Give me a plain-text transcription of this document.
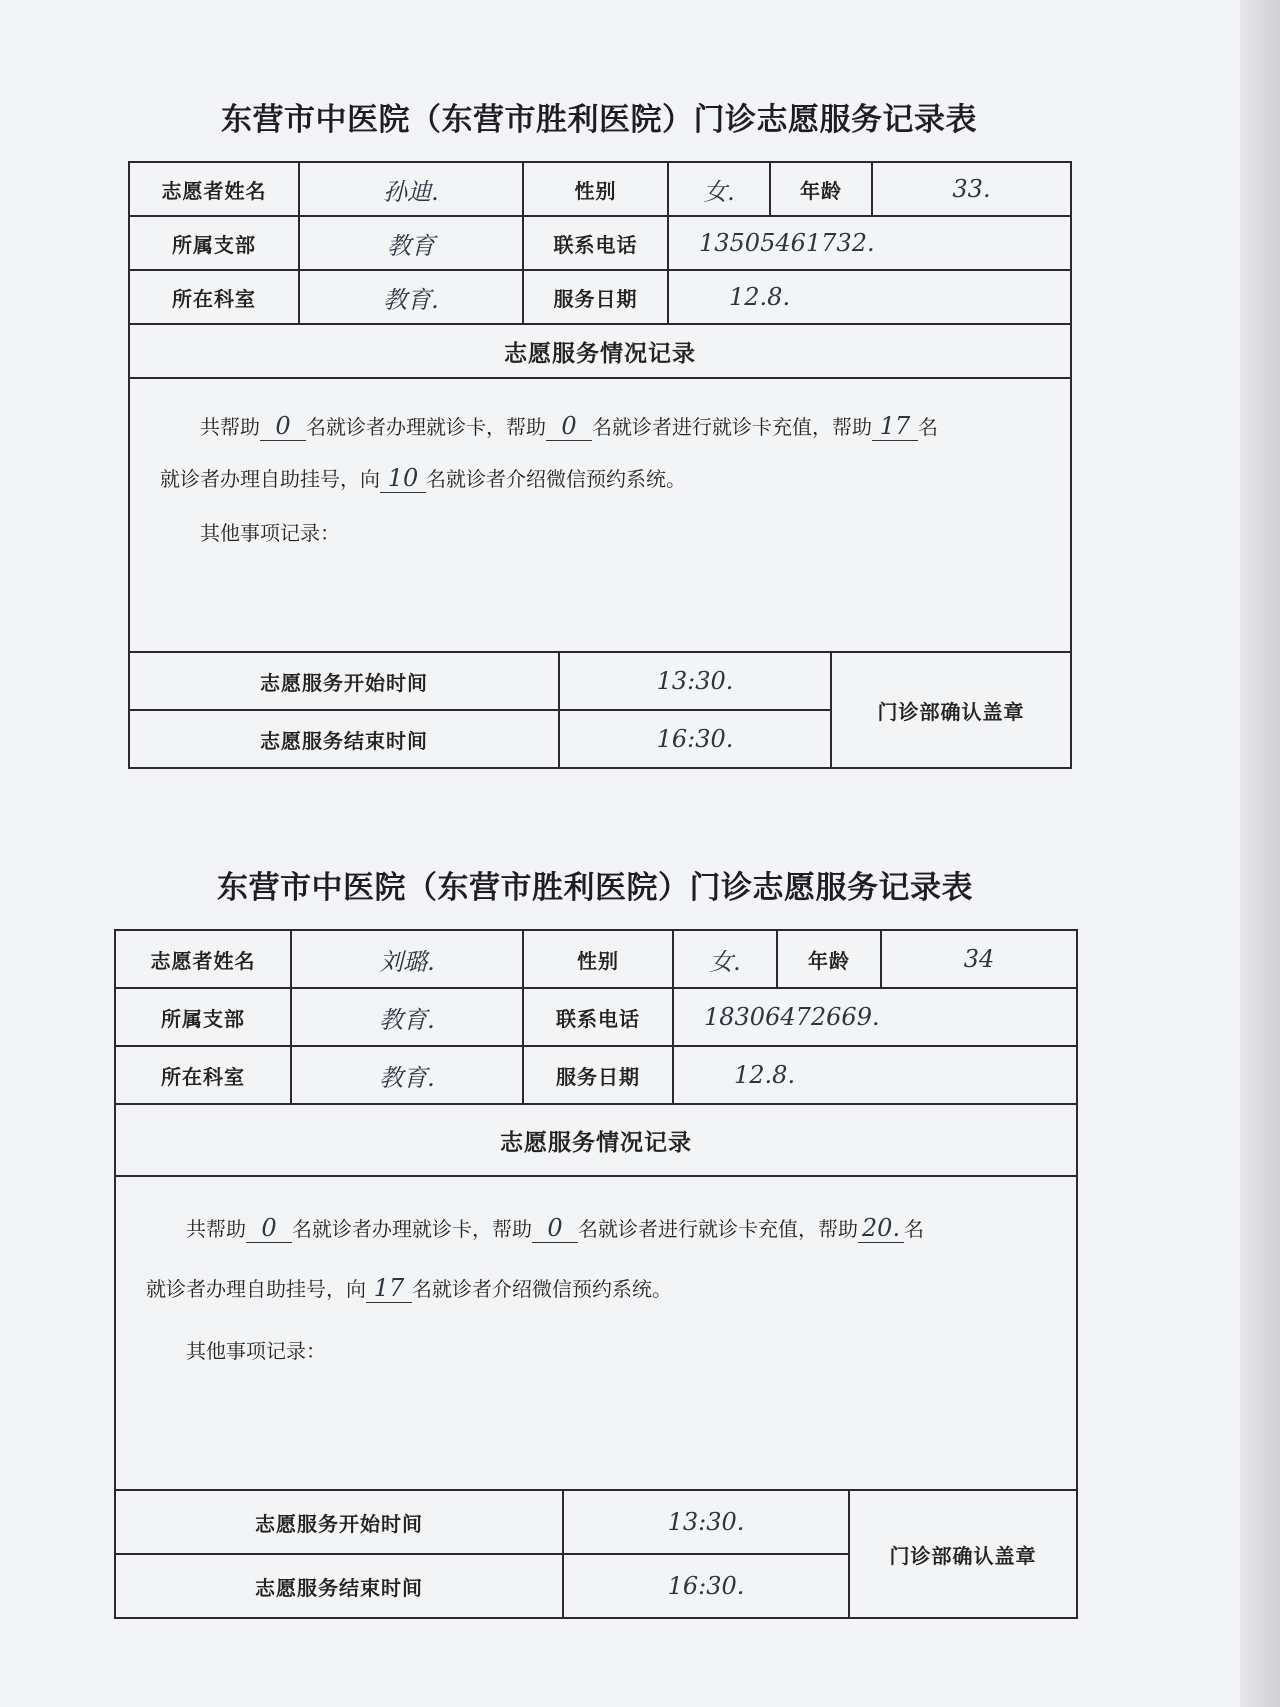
东营市中医院（东营市胜利医院）门诊志愿服务记录表
志愿者姓名	孙迪.	性别	女.	年龄	33.
所属支部	教育	联系电话	13505461732.		
所在科室	教育.	服务日期	12.8.		
志愿服务情况记录					

共帮助 0 名就诊者办理就诊卡，帮助 0 名就诊者进行就诊卡充值，帮助 17 名
就诊者办理自助挂号，向 10 名就诊者介绍微信预约系统。
其他事项记录：					
志愿服务开始时间	13:30.	门诊部确认盖章
志愿服务结束时间	16:30.	
东营市中医院（东营市胜利医院）门诊志愿服务记录表
志愿者姓名	刘璐.	性别	女.	年龄	34
所属支部	教育.	联系电话	18306472669.		
所在科室	教育.	服务日期	12.8.		
志愿服务情况记录					

共帮助 0 名就诊者办理就诊卡，帮助 0 名就诊者进行就诊卡充值，帮助 20. 名
就诊者办理自助挂号，向 17 名就诊者介绍微信预约系统。
其他事项记录：					
志愿服务开始时间	13:30.	门诊部确认盖章
志愿服务结束时间	16:30.	
